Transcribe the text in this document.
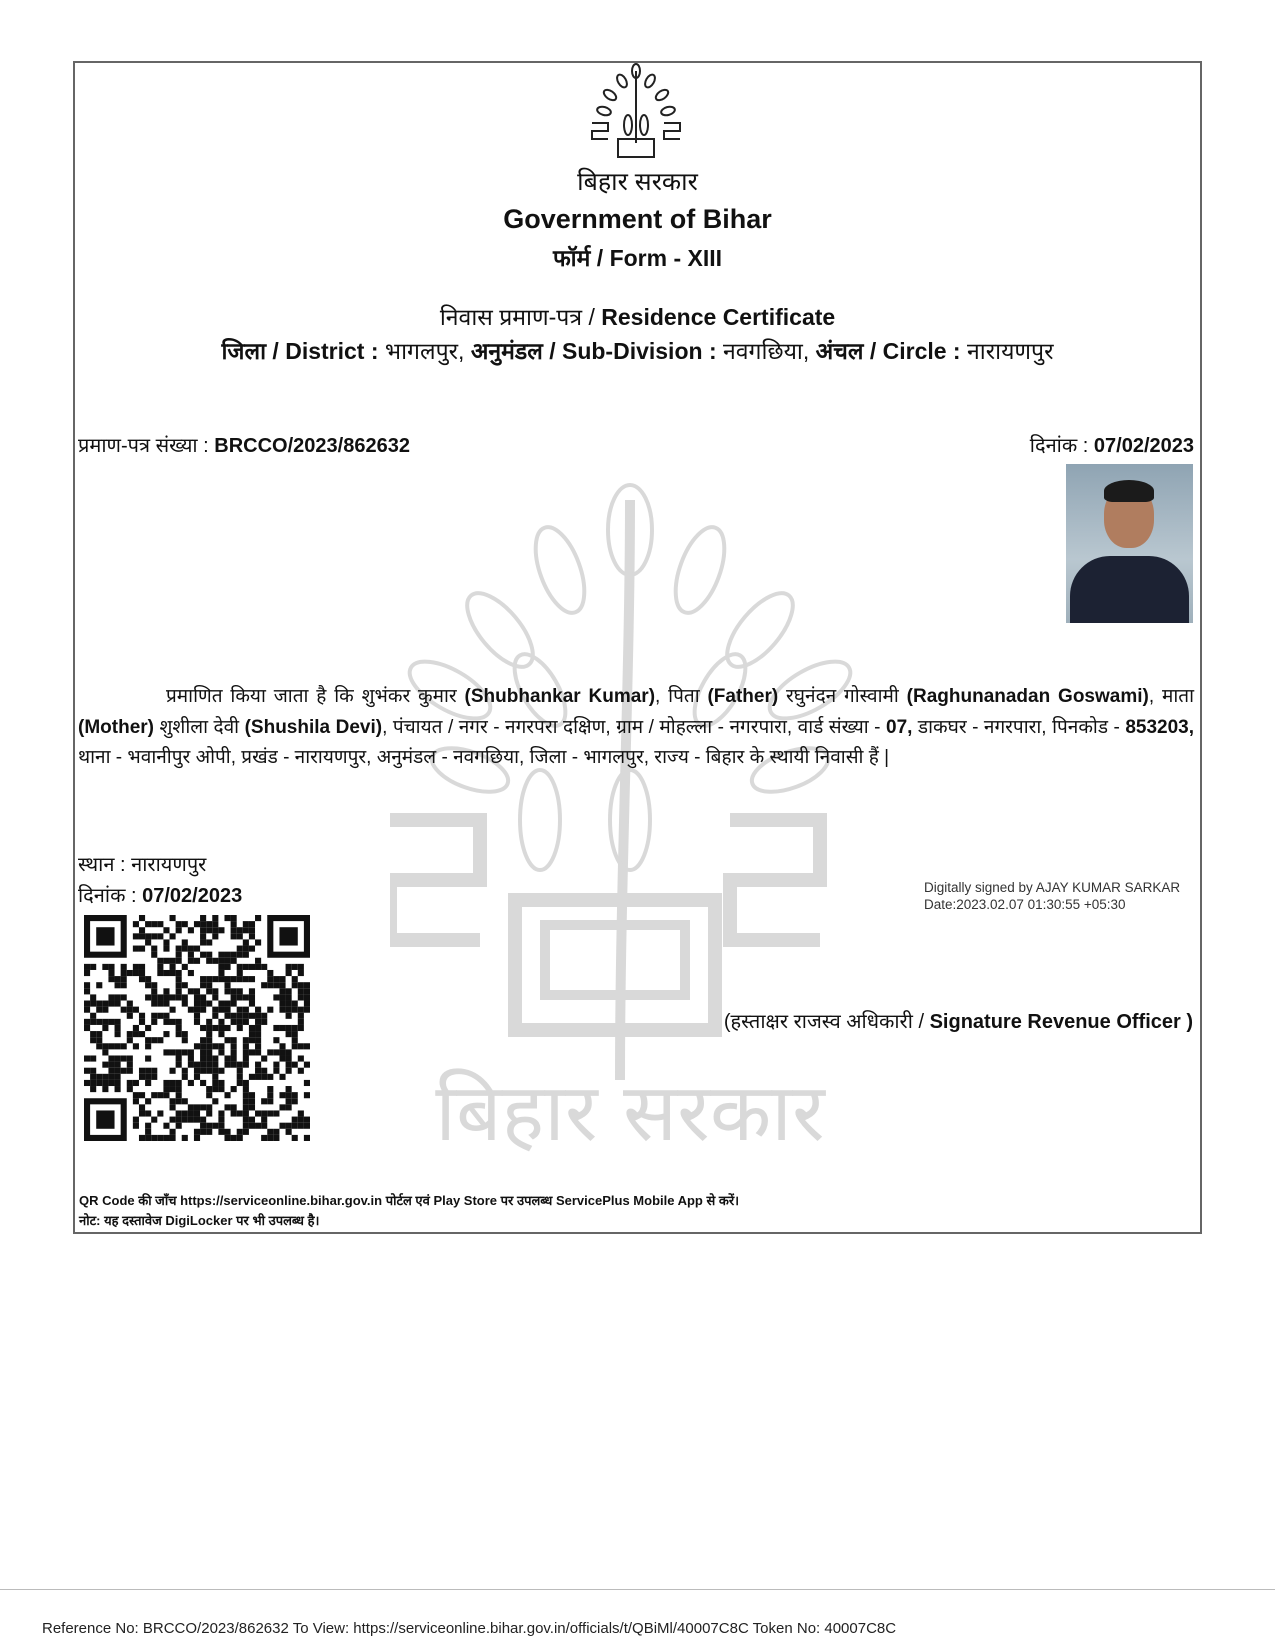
बिहार सरकार
बिहार सरकार
Government of Bihar
फॉर्म / Form - XIII
निवास प्रमाण-पत्र / Residence Certificate
जिला / District : भागलपुर, अनुमंडल / Sub-Division : नवगछिया, अंचल / Circle : नारायणपुर
प्रमाण-पत्र संख्या : BRCCO/2023/862632	दिनांक : 07/02/2023
प्रमाणित किया जाता है कि शुभंकर कुमार (Shubhankar Kumar), पिता (Father) रघुनंदन गोस्वामी (Raghunanadan Goswami), माता (Mother) शुशीला देवी (Shushila Devi), पंचायत / नगर - नगरपरा दक्षिण, ग्राम / मोहल्ला - नगरपारा, वार्ड संख्या - 07, डाकघर - नगरपारा, पिनकोड - 853203, थाना - भवानीपुर ओपी, प्रखंड - नारायणपुर, अनुमंडल - नवगछिया, जिला - भागलपुर, राज्य - बिहार के स्थायी निवासी हैं |
स्थान : नारायणपुर
दिनांक : 07/02/2023	Digitally signed by AJAY KUMAR SARKAR
Date:2023.02.07 01:30:55 +05:30
(हस्ताक्षर राजस्व अधिकारी / Signature Revenue Officer )
QR Code की जाँच https://serviceonline.bihar.gov.in पोर्टल एवं Play Store पर उपलब्ध ServicePlus Mobile App से करें।
नोट: यह दस्तावेज DigiLocker पर भी उपलब्ध है।
Reference No: BRCCO/2023/862632 To View: https://serviceonline.bihar.gov.in/officials/t/QBiMl/40007C8C Token No: 40007C8C
